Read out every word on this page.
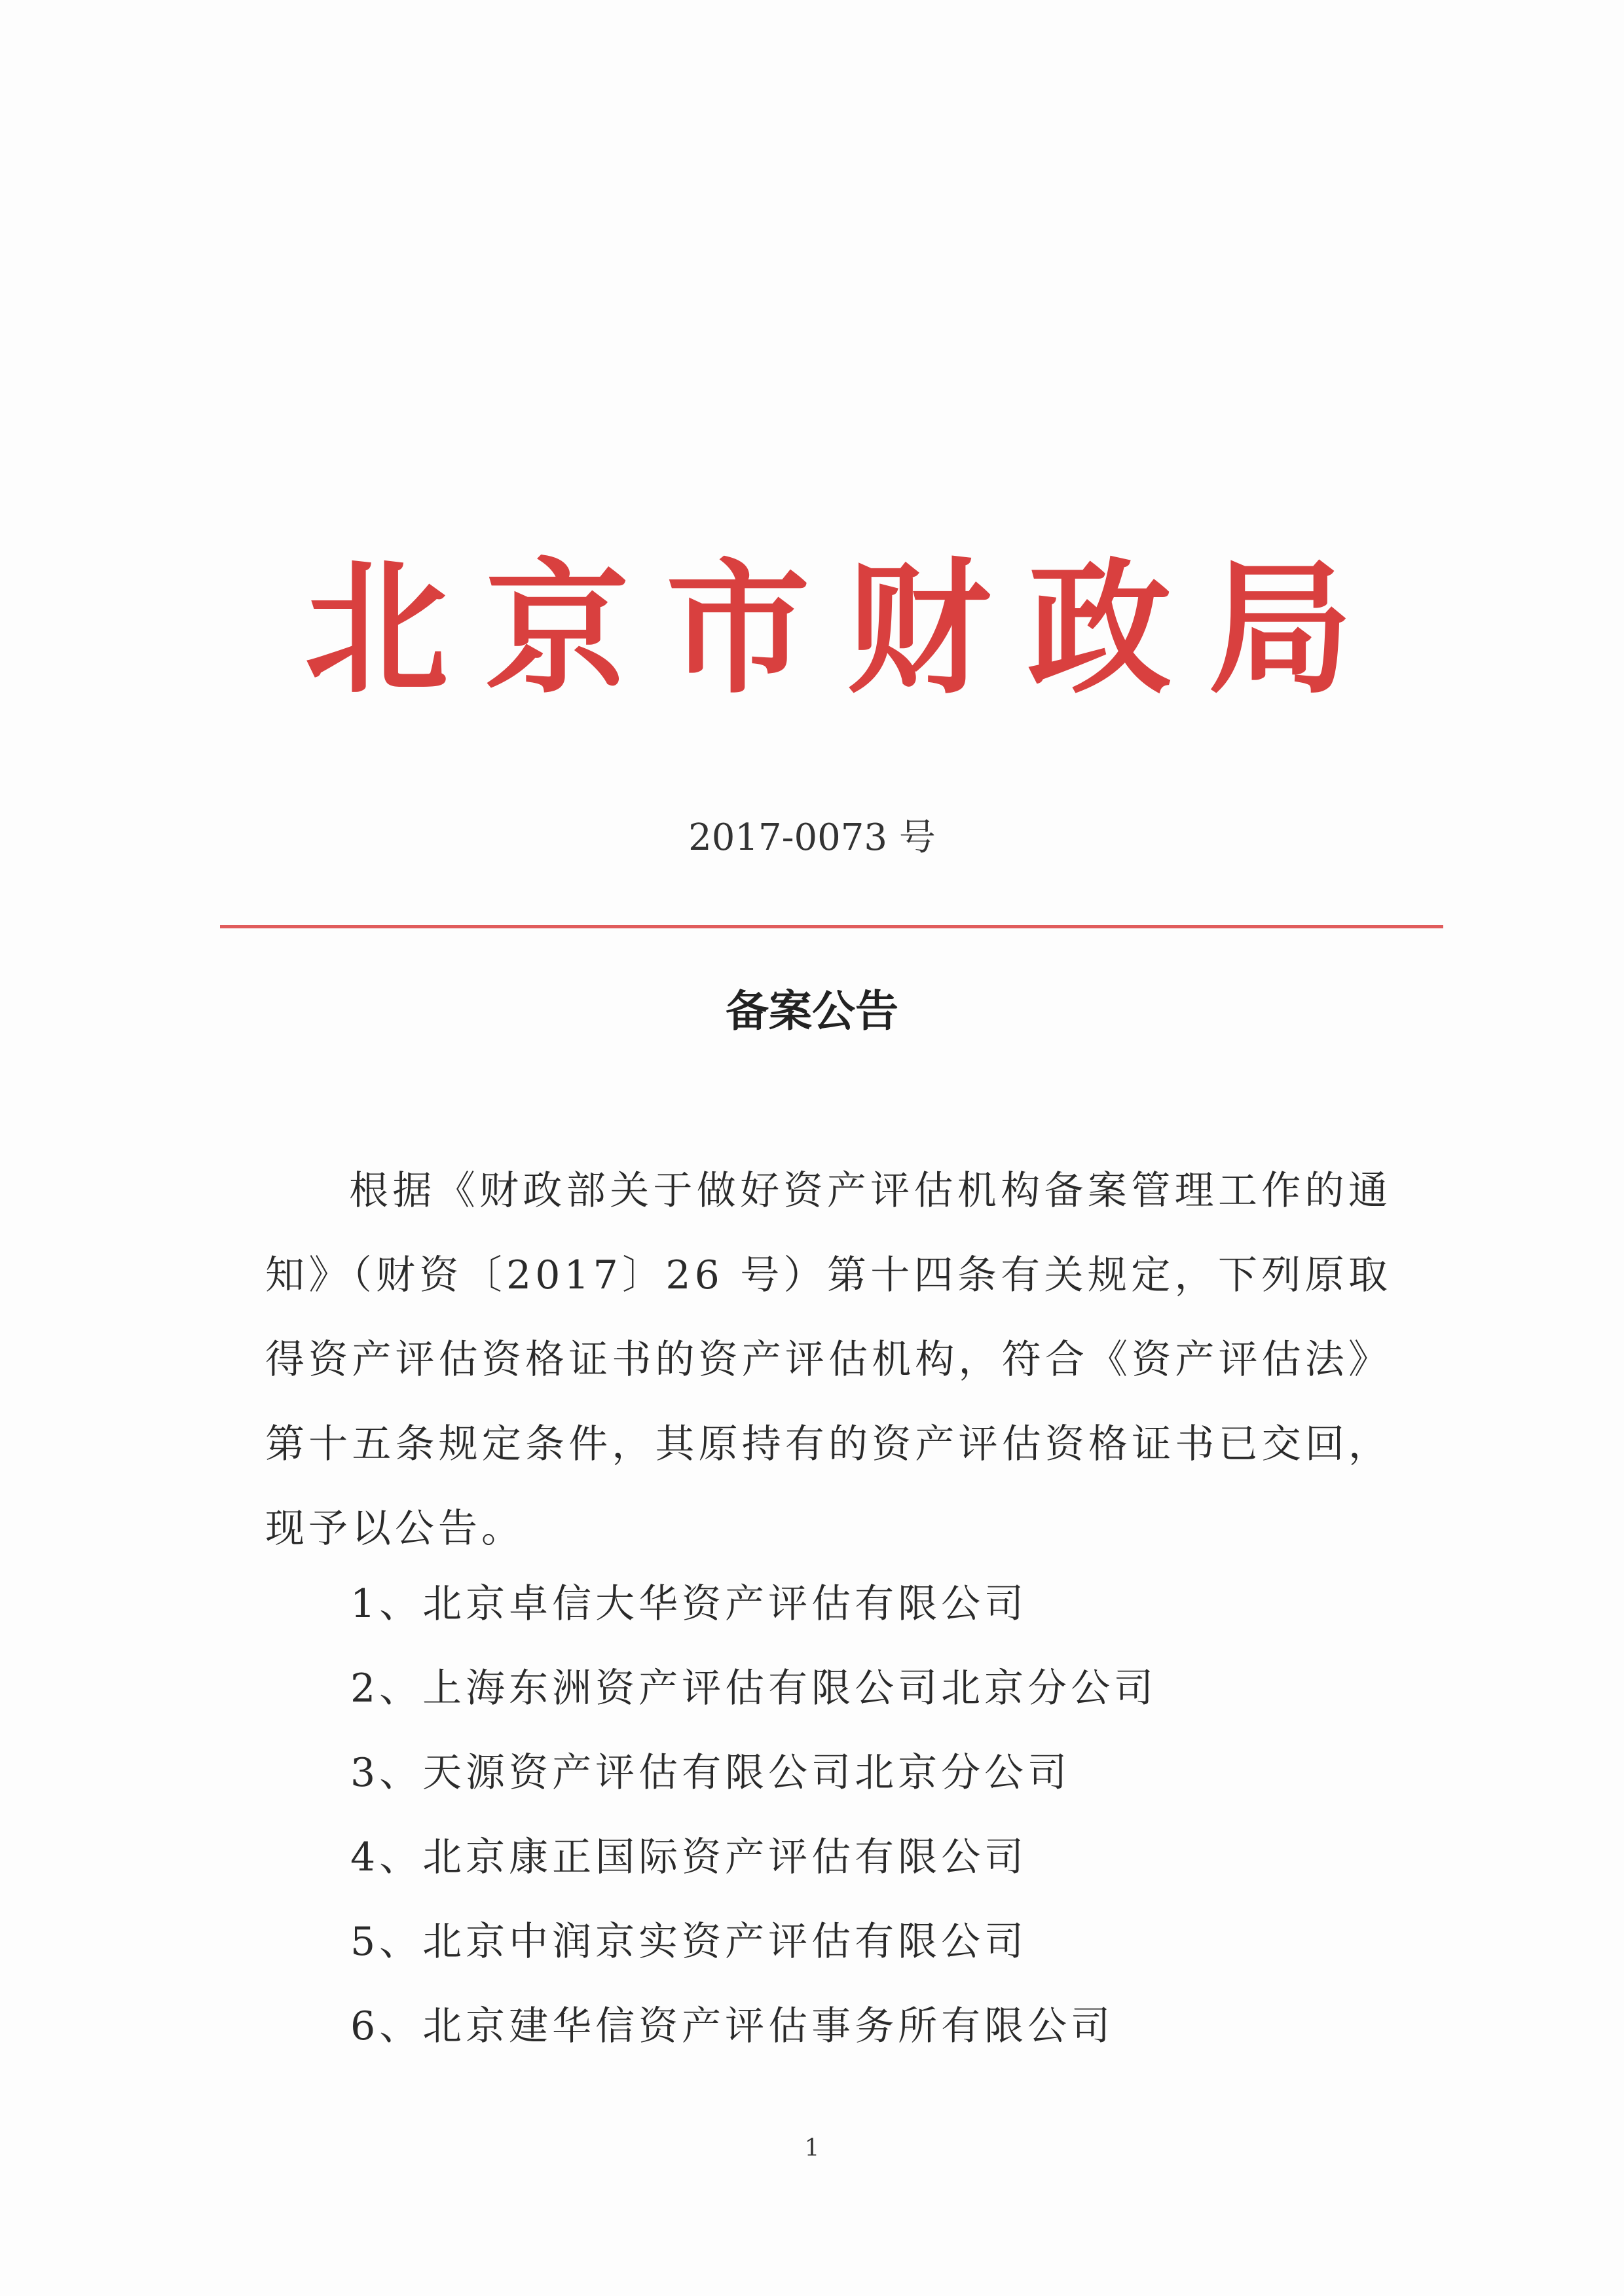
北 京 市 财 政 局
2017-0073 号
备案公告

根据《财政部关于做好资产评估机构备案管理工作的通知》（财资〔2017〕26 号）第十四条有关规定，下列原取得资产评估资格证书的资产评估机构，符合《资产评估法》第十五条规定条件，其原持有的资产评估资格证书已交回，现予以公告。

1、北京卓信大华资产评估有限公司
2、上海东洲资产评估有限公司北京分公司
3、天源资产评估有限公司北京分公司
4、北京康正国际资产评估有限公司
5、北京中润京实资产评估有限公司
6、北京建华信资产评估事务所有限公司
1
